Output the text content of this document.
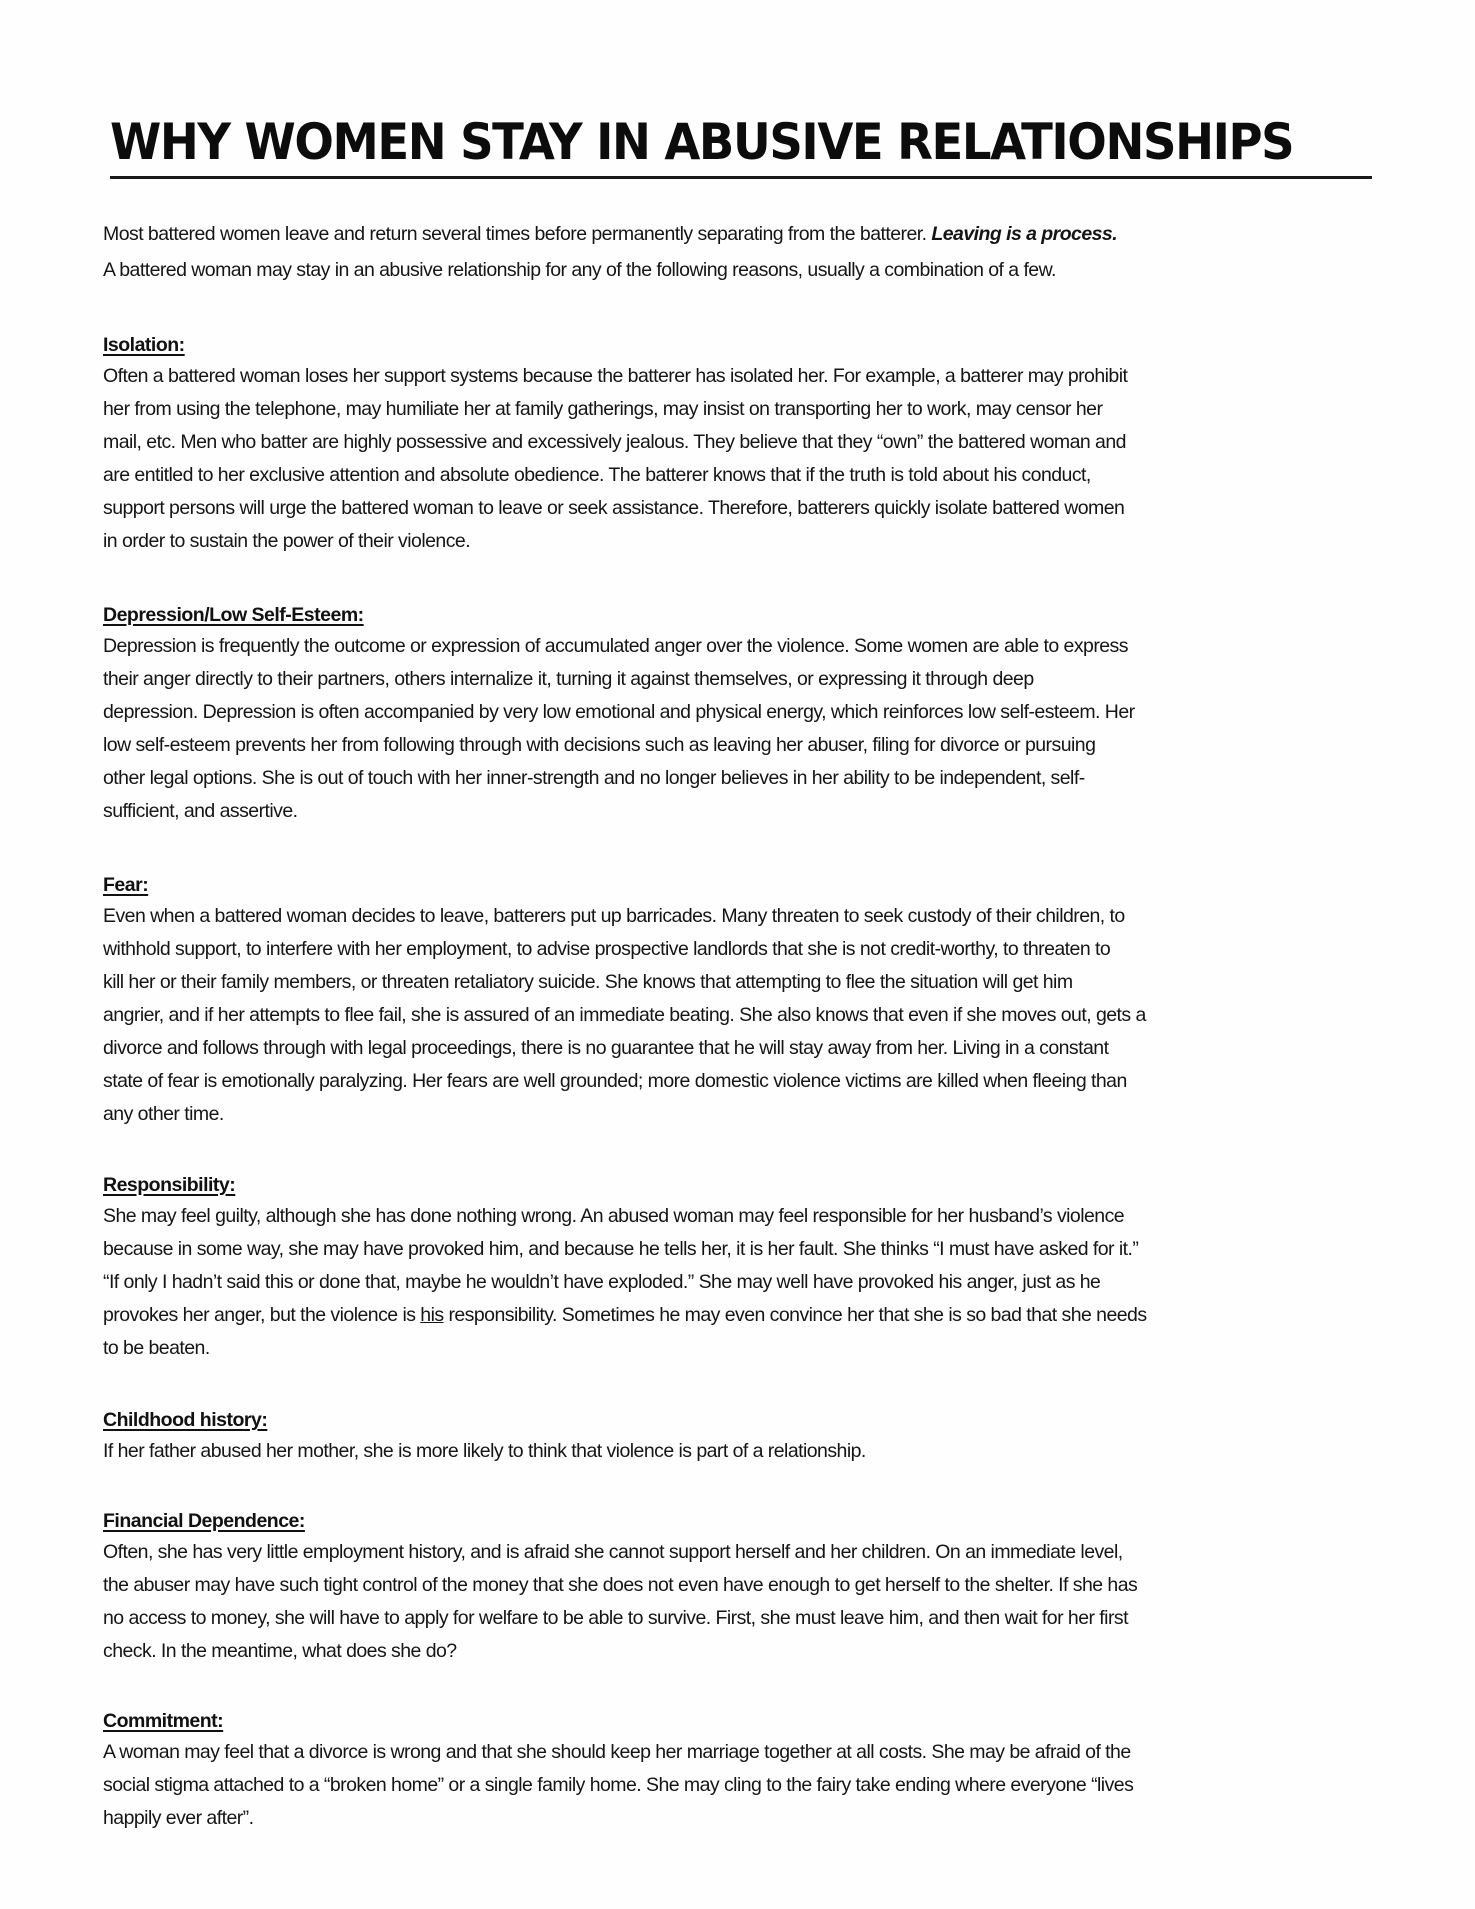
WHY WOMEN STAY IN ABUSIVE RELATIONSHIPS
Most battered women leave and return several times before permanently separating from the batterer. Leaving is a process.
A battered woman may stay in an abusive relationship for any of the following reasons, usually a combination of a few.
Isolation:
Often a battered woman loses her support systems because the batterer has isolated her. For example, a batterer may prohibit
her from using the telephone, may humiliate her at family gatherings, may insist on transporting her to work, may censor her
mail, etc. Men who batter are highly possessive and excessively jealous. They believe that they “own” the battered woman and
are entitled to her exclusive attention and absolute obedience. The batterer knows that if the truth is told about his conduct,
support persons will urge the battered woman to leave or seek assistance. Therefore, batterers quickly isolate battered women
in order to sustain the power of their violence.
Depression/Low Self-Esteem:
Depression is frequently the outcome or expression of accumulated anger over the violence. Some women are able to express
their anger directly to their partners, others internalize it, turning it against themselves, or expressing it through deep
depression. Depression is often accompanied by very low emotional and physical energy, which reinforces low self-esteem. Her
low self-esteem prevents her from following through with decisions such as leaving her abuser, filing for divorce or pursuing
other legal options. She is out of touch with her inner-strength and no longer believes in her ability to be independent, self-
sufficient, and assertive.
Fear:
Even when a battered woman decides to leave, batterers put up barricades. Many threaten to seek custody of their children, to
withhold support, to interfere with her employment, to advise prospective landlords that she is not credit-worthy, to threaten to
kill her or their family members, or threaten retaliatory suicide. She knows that attempting to flee the situation will get him
angrier, and if her attempts to flee fail, she is assured of an immediate beating. She also knows that even if she moves out, gets a
divorce and follows through with legal proceedings, there is no guarantee that he will stay away from her. Living in a constant
state of fear is emotionally paralyzing. Her fears are well grounded; more domestic violence victims are killed when fleeing than
any other time.
Responsibility:
She may feel guilty, although she has done nothing wrong. An abused woman may feel responsible for her husband’s violence
because in some way, she may have provoked him, and because he tells her, it is her fault. She thinks “I must have asked for it.”
“If only I hadn’t said this or done that, maybe he wouldn’t have exploded.” She may well have provoked his anger, just as he
provokes her anger, but the violence is his responsibility. Sometimes he may even convince her that she is so bad that she needs
to be beaten.
Childhood history:
If her father abused her mother, she is more likely to think that violence is part of a relationship.
Financial Dependence:
Often, she has very little employment history, and is afraid she cannot support herself and her children. On an immediate level,
the abuser may have such tight control of the money that she does not even have enough to get herself to the shelter. If she has
no access to money, she will have to apply for welfare to be able to survive. First, she must leave him, and then wait for her first
check. In the meantime, what does she do?
Commitment:
A woman may feel that a divorce is wrong and that she should keep her marriage together at all costs. She may be afraid of the
social stigma attached to a “broken home” or a single family home. She may cling to the fairy take ending where everyone “lives
happily ever after”.
